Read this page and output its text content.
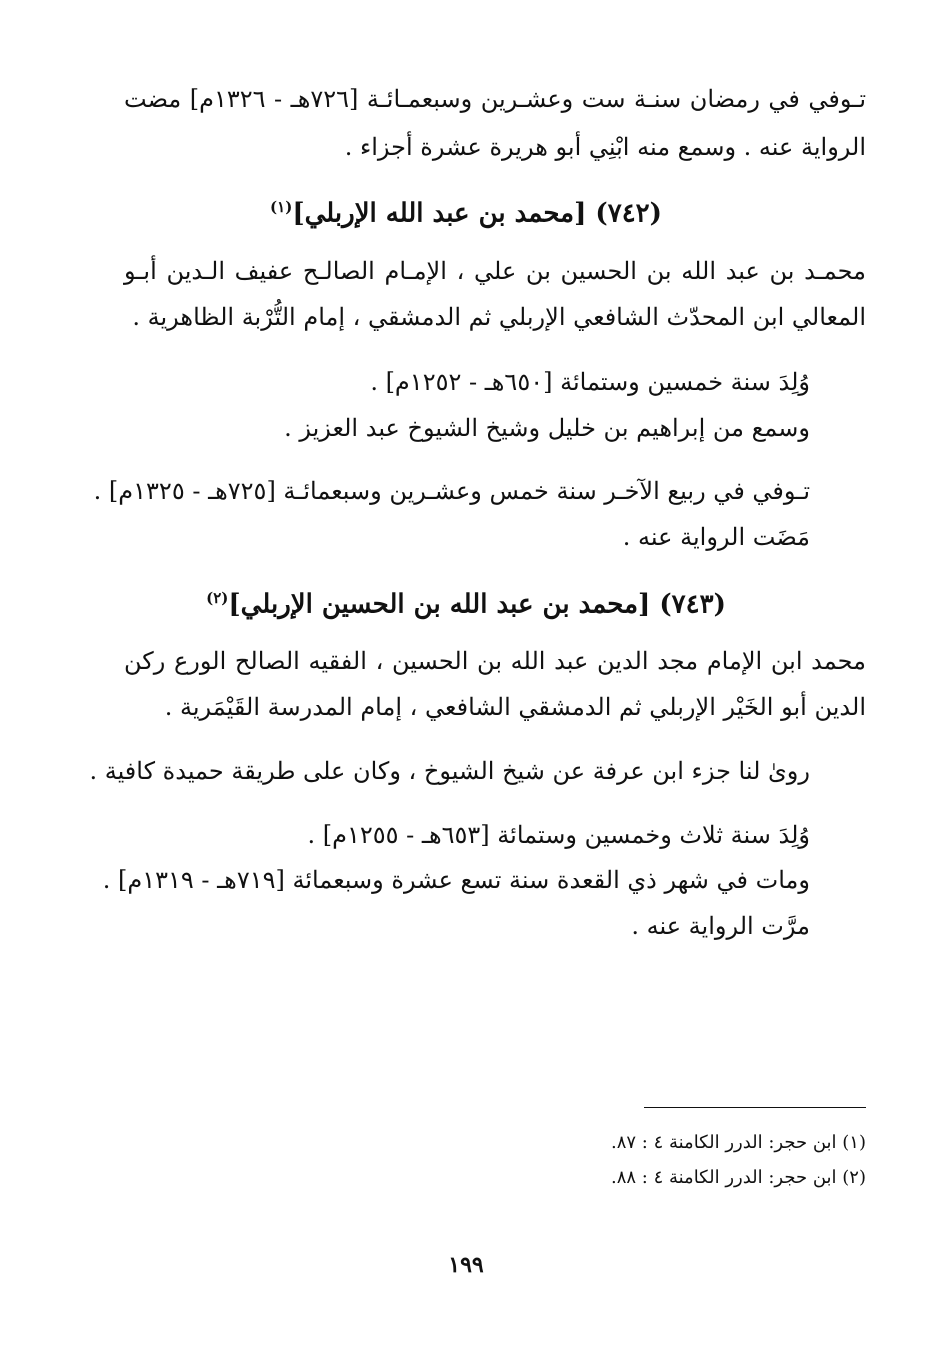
تـوفي في رمضان سنـة ست وعشـرين وسبعمـائـة [٧٢٦هـ - ١٣٢٦م] مضت
الرواية عنه . وسمع منه ابْنِي أبو هريرة عشرة أجزاء .
(٧٤٢) [محمد بن عبد الله الإربلي]$^{(١)}$
محمـد بن عبد الله بن الحسين بن علي ، الإمـام الصالـح عفيف الـدين أبـو
المعالي ابن المحدّث الشافعي الإربلي ثم الدمشقي ، إمام التُّرْبة الظاهرية .
وُلِدَ سنة خمسين وستمائة [٦٥٠هـ - ١٢٥٢م] .
وسمع من إبراهيم بن خليل وشيخ الشيوخ عبد العزيز .
تـوفي في ربيع الآخـر سنة خمس وعشـرين وسبعمائـة [٧٢٥هـ - ١٣٢٥م] .
مَضَت الرواية عنه .
(٧٤٣) [محمد بن عبد الله بن الحسين الإربلي]$^{(٢)}$
محمد ابن الإمام مجد الدين عبد الله بن الحسين ، الفقيه الصالح الورع ركن
الدين أبو الخَيْر الإربلي ثم الدمشقي الشافعي ، إمام المدرسة القَيْمَرية .
روىٰ لنا جزء ابن عرفة عن شيخ الشيوخ ، وكان على طريقة حميدة كافية .
وُلِدَ سنة ثلاث وخمسين وستمائة [٦٥٣هـ - ١٢٥٥م] .
ومات في شهر ذي القعدة سنة تسع عشرة وسبعمائة [٧١٩هـ - ١٣١٩م] .
مرَّت الرواية عنه .
(١) ابن حجر: الدرر الكامنة ٤ : ٨٧.
(٢) ابن حجر: الدرر الكامنة ٤ : ٨٨.
١٩٩
